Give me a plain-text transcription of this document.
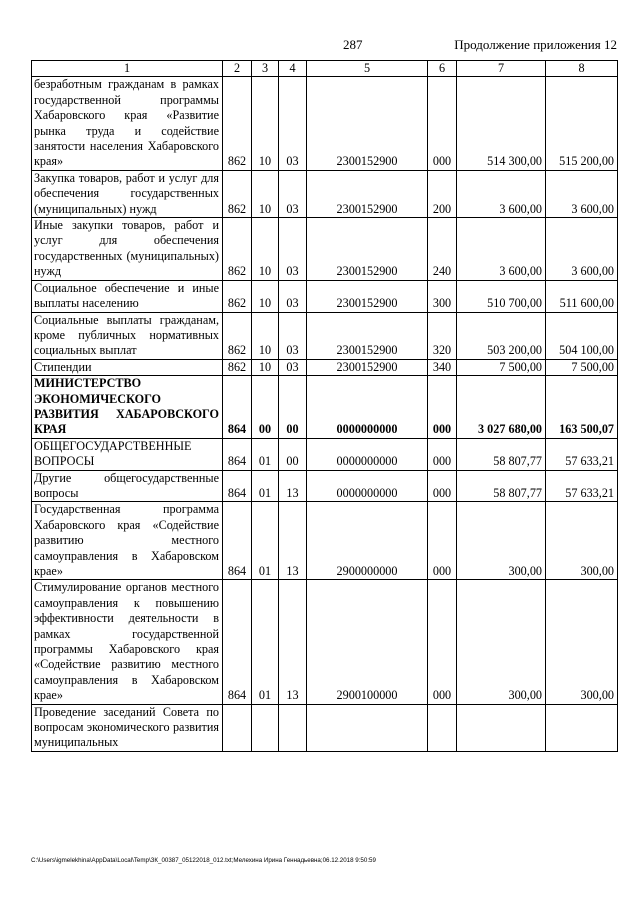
287	Продолжение приложения 12
1	2	3	4	5	6	7	8
безработным гражданам в рамках государственной программы Хабаровского края «Развитие рынка труда и содействие занятости населения Хабаровского края»	862	10	03	2300152900	000	514 300,00	515 200,00
Закупка товаров, работ и услуг для обеспечения государственных (муниципальных) нужд	862	10	03	2300152900	200	3 600,00	3 600,00
Иные закупки товаров, работ и услуг для обеспечения государственных (муниципальных) нужд	862	10	03	2300152900	240	3 600,00	3 600,00
Социальное обеспечение и иные выплаты населению	862	10	03	2300152900	300	510 700,00	511 600,00
Социальные выплаты гражданам, кроме публичных нормативных социальных выплат	862	10	03	2300152900	320	503 200,00	504 100,00
Стипендии	862	10	03	2300152900	340	7 500,00	7 500,00
МИНИСТЕРСТВО ЭКОНОМИЧЕСКОГО РАЗВИТИЯ ХАБАРОВСКОГО КРАЯ	864	00	00	0000000000	000	3 027 680,00	163 500,07
ОБЩЕГОСУДАРСТВЕННЫЕ ВОПРОСЫ	864	01	00	0000000000	000	58 807,77	57 633,21
Другие общегосударственные вопросы	864	01	13	0000000000	000	58 807,77	57 633,21
Государственная программа Хабаровского края «Содействие развитию местного самоуправления в Хабаровском крае»	864	01	13	2900000000	000	300,00	300,00
Стимулирование органов местного самоуправления к повышению эффективности деятельности в рамках государственной программы Хабаровского края «Содействие развитию местного самоуправления в Хабаровском крае»	864	01	13	2900100000	000	300,00	300,00
Проведение заседаний Совета по вопросам экономического развития муниципальных							
C:\Users\igmelekhina\AppData\Local\Temp\ЗК_00387_05122018_012.txt;Мелехина Ирина Геннадьевна;06.12.2018 9:50:59
